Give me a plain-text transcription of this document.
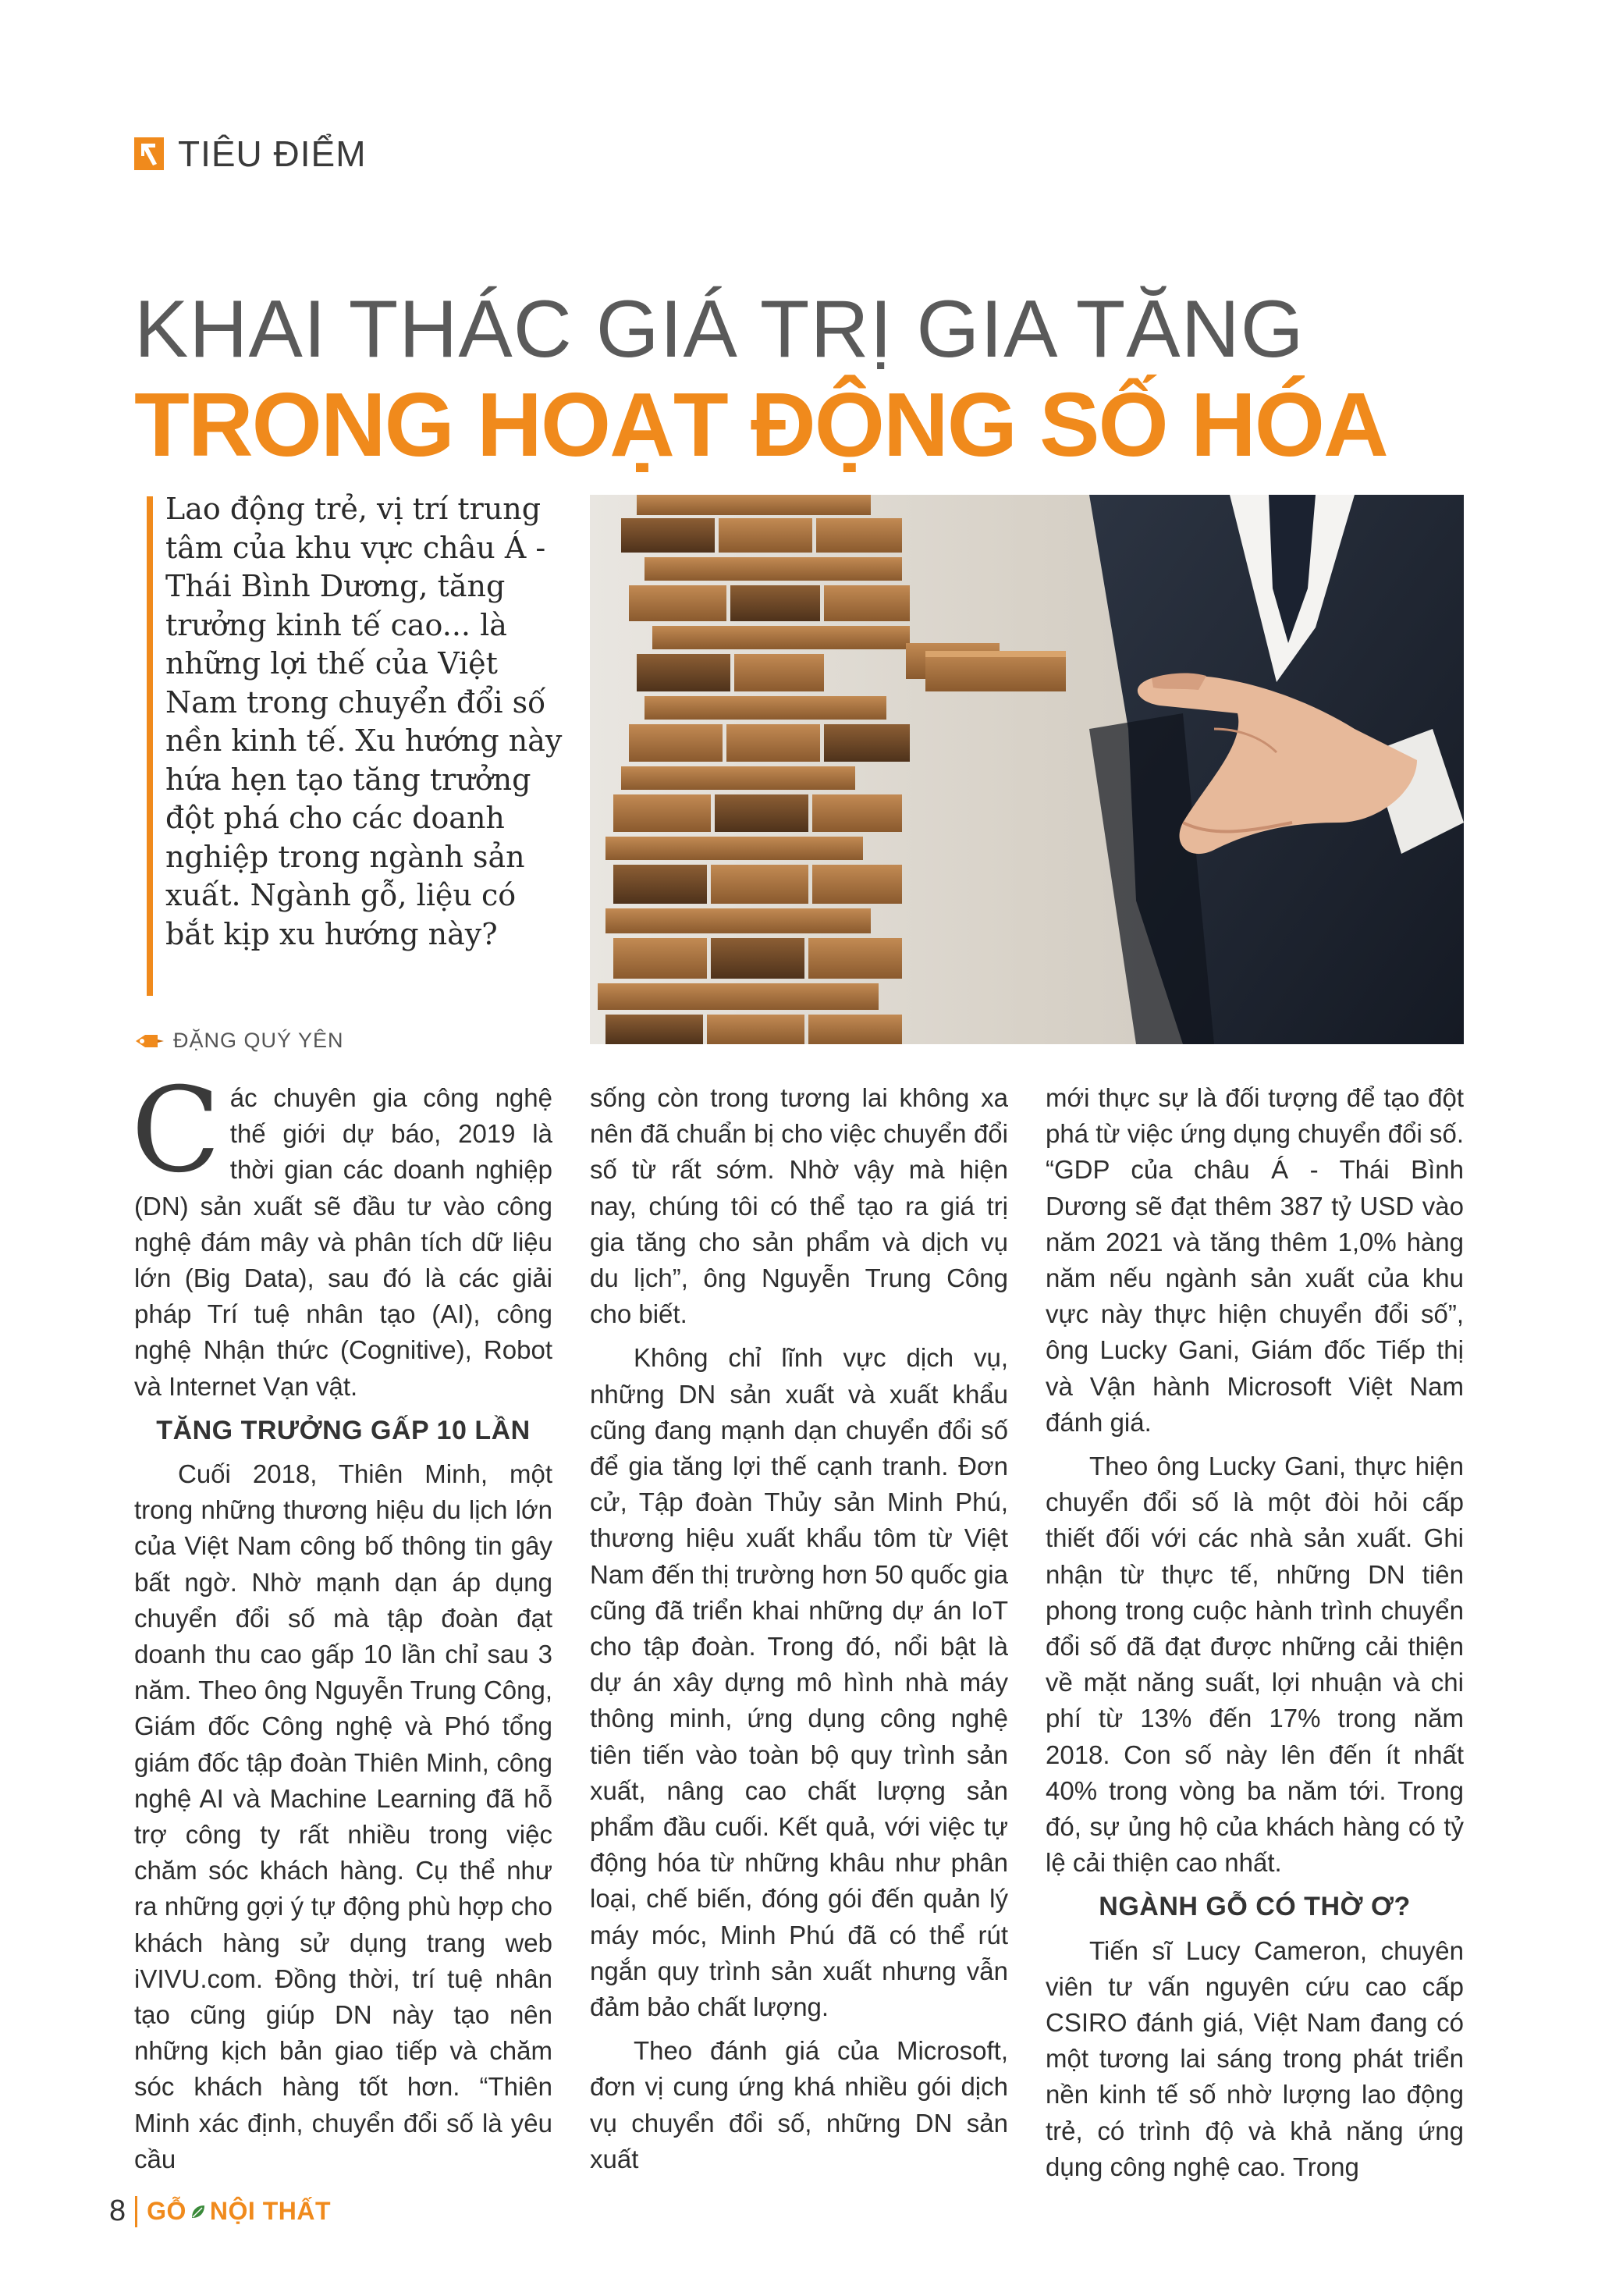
TIÊU ĐIỂM
KHAI THÁC GIÁ TRỊ GIA TĂNG
TRONG HOẠT ĐỘNG SỐ HÓA
Lao động trẻ, vị trí trung tâm của khu vực châu Á - Thái Bình Dương, tăng trưởng kinh tế cao... là những lợi thế của Việt Nam trong chuyển đổi số nền kinh tế. Xu hướng này hứa hẹn tạo tăng trưởng đột phá cho các doanh nghiệp trong ngành sản xuất. Ngành gỗ, liệu có bắt kịp xu hướng này?
ĐẶNG QUÝ YÊN

Các chuyên gia công nghệ thế giới dự báo, 2019 là thời gian các doanh nghiệp (DN) sản xuất sẽ đầu tư vào công nghệ đám mây và phân tích dữ liệu lớn (Big Data), sau đó là các giải pháp Trí tuệ nhân tạo (AI), công nghệ Nhận thức (Cognitive), Robot và Internet Vạn vật.

TĂNG TRƯỞNG GẤP 10 LẦN

Cuối 2018, Thiên Minh, một trong những thương hiệu du lịch lớn của Việt Nam công bố thông tin gây bất ngờ. Nhờ mạnh dạn áp dụng chuyển đổi số mà tập đoàn đạt doanh thu cao gấp 10 lần chỉ sau 3 năm. Theo ông Nguyễn Trung Công, Giám đốc Công nghệ và Phó tổng giám đốc tập đoàn Thiên Minh, công nghệ AI và Machine Learning đã hỗ trợ công ty rất nhiều trong việc chăm sóc khách hàng. Cụ thể như ra những gợi ý tự động phù hợp cho khách hàng sử dụng trang web iVIVU.com. Đồng thời, trí tuệ nhân tạo cũng giúp DN này tạo nên những kịch bản giao tiếp và chăm sóc khách hàng tốt hơn. “Thiên Minh xác định, chuyển đổi số là yêu cầu

sống còn trong tương lai không xa nên đã chuẩn bị cho việc chuyển đổi số từ rất sớm. Nhờ vậy mà hiện nay, chúng tôi có thể tạo ra giá trị gia tăng cho sản phẩm và dịch vụ du lịch”, ông Nguyễn Trung Công cho biết.

Không chỉ lĩnh vực dịch vụ, những DN sản xuất và xuất khẩu cũng đang mạnh dạn chuyển đổi số để gia tăng lợi thế cạnh tranh. Đơn cử, Tập đoàn Thủy sản Minh Phú, thương hiệu xuất khẩu tôm từ Việt Nam đến thị trường hơn 50 quốc gia cũng đã triển khai những dự án IoT cho tập đoàn. Trong đó, nổi bật là dự án xây dựng mô hình nhà máy thông minh, ứng dụng công nghệ tiên tiến vào toàn bộ quy trình sản xuất, nâng cao chất lượng sản phẩm đầu cuối. Kết quả, với việc tự động hóa từ những khâu như phân loại, chế biến, đóng gói đến quản lý máy móc, Minh Phú đã có thể rút ngắn quy trình sản xuất nhưng vẫn đảm bảo chất lượng.

Theo đánh giá của Microsoft, đơn vị cung ứng khá nhiều gói dịch vụ chuyển đổi số, những DN sản xuất

mới thực sự là đối tượng để tạo đột phá từ việc ứng dụng chuyển đổi số. “GDP của châu Á - Thái Bình Dương sẽ đạt thêm 387 tỷ USD vào năm 2021 và tăng thêm 1,0% hàng năm nếu ngành sản xuất của khu vực này thực hiện chuyển đổi số”, ông Lucky Gani, Giám đốc Tiếp thị và Vận hành Microsoft Việt Nam đánh giá.

Theo ông Lucky Gani, thực hiện chuyển đổi số là một đòi hỏi cấp thiết đối với các nhà sản xuất. Ghi nhận từ thực tế, những DN tiên phong trong cuộc hành trình chuyển đổi số đã đạt được những cải thiện về mặt năng suất, lợi nhuận và chi phí từ 13% đến 17% trong năm 2018. Con số này lên đến ít nhất 40% trong vòng ba năm tới. Trong đó, sự ủng hộ của khách hàng có tỷ lệ cải thiện cao nhất.

NGÀNH GỖ CÓ THỜ Ơ?

Tiến sĩ Lucy Cameron, chuyên viên tư vấn nguyên cứu cao cấp CSIRO đánh giá, Việt Nam đang có một tương lai sáng trong phát triển nền kinh tế số nhờ lượng lao động trẻ, có trình độ và khả năng ứng dụng công nghệ cao. Trong

8 GỖ NỘI THẤT
